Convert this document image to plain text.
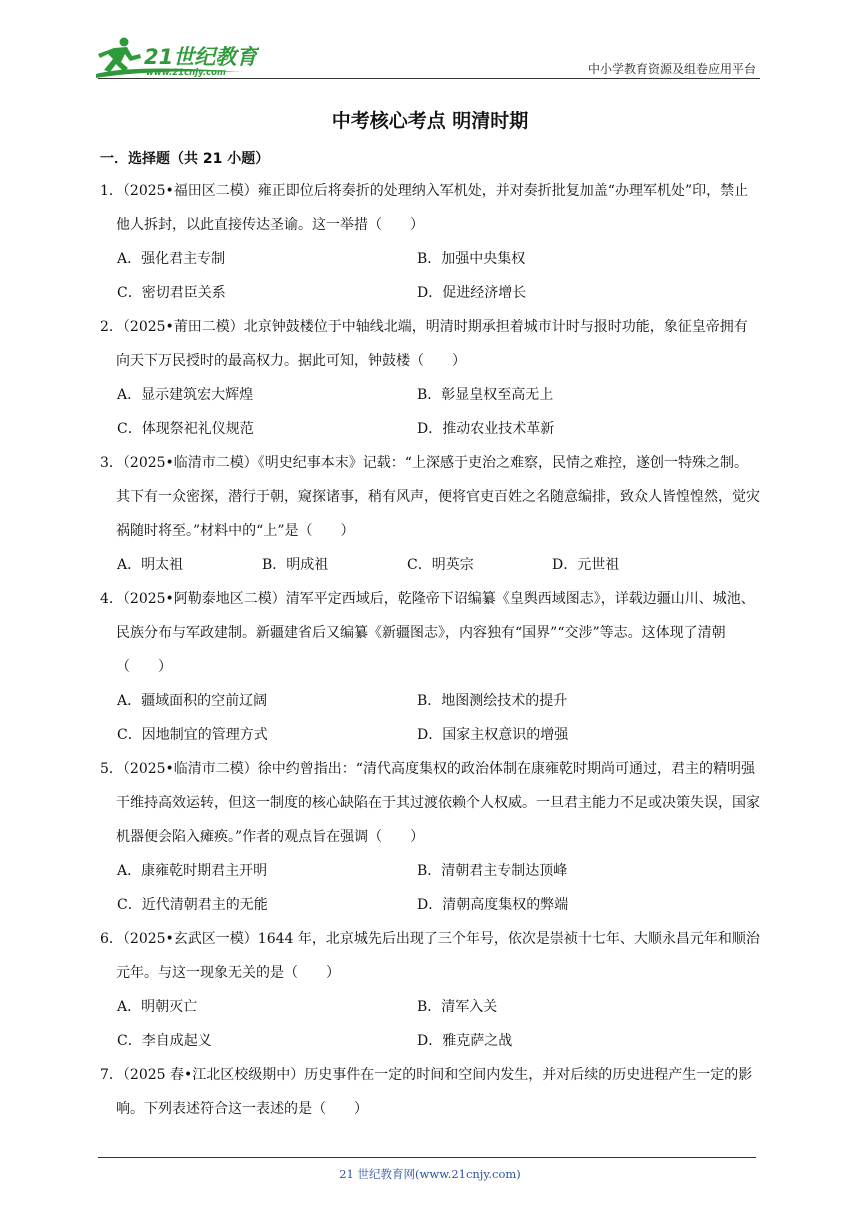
21世纪教育
www.21cnjy.com	中小学教育资源及组卷应用平台
中考核心考点 明清时期
一．选择题（共 21 小题）
1．（2025•福田区二模）雍正即位后将奏折的处理纳入军机处，并对奏折批复加盖“办理军机处”印，禁止他人拆封，以此直接传达圣谕。这一举措（　　）
A．强化君主专制	B．加强中央集权
C．密切君臣关系	D．促进经济增长
2．（2025•莆田二模）北京钟鼓楼位于中轴线北端，明清时期承担着城市计时与报时功能，象征皇帝拥有向天下万民授时的最高权力。据此可知，钟鼓楼（　　）
A．显示建筑宏大辉煌	B．彰显皇权至高无上
C．体现祭祀礼仪规范	D．推动农业技术革新
3．（2025•临清市二模）《明史纪事本末》记载：“上深感于吏治之难察，民情之难控，遂创一特殊之制。其下有一众密探，潜行于朝，窥探诸事，稍有风声，便将官吏百姓之名随意编排，致众人皆惶惶然，觉灾祸随时将至。”材料中的“上”是（　　）
A．明太祖	B．明成祖	C．明英宗	D．元世祖
4．（2025•阿勒泰地区二模）清军平定西域后，乾隆帝下诏编纂《皇舆西域图志》，详载边疆山川、城池、民族分布与军政建制。新疆建省后又编纂《新疆图志》，内容独有“国界”“交涉”等志。这体现了清朝（　　）
A．疆域面积的空前辽阔	B．地图测绘技术的提升
C．因地制宜的管理方式	D．国家主权意识的增强
5．（2025•临清市二模）徐中约曾指出：“清代高度集权的政治体制在康雍乾时期尚可通过，君主的精明强干维持高效运转，但这一制度的核心缺陷在于其过渡依赖个人权威。一旦君主能力不足或决策失误，国家机器便会陷入瘫痪。”作者的观点旨在强调（　　）
A．康雍乾时期君主开明	B．清朝君主专制达顶峰
C．近代清朝君主的无能	D．清朝高度集权的弊端
6．（2025•玄武区一模）1644 年，北京城先后出现了三个年号，依次是崇祯十七年、大顺永昌元年和顺治元年。与这一现象无关的是（　　）
A．明朝灭亡	B．清军入关
C．李自成起义	D．雅克萨之战
7．（2025 春•江北区校级期中）历史事件在一定的时间和空间内发生，并对后续的历史进程产生一定的影响。下列表述符合这一表述的是（　　）
21 世纪教育网(www.21cnjy.com)
